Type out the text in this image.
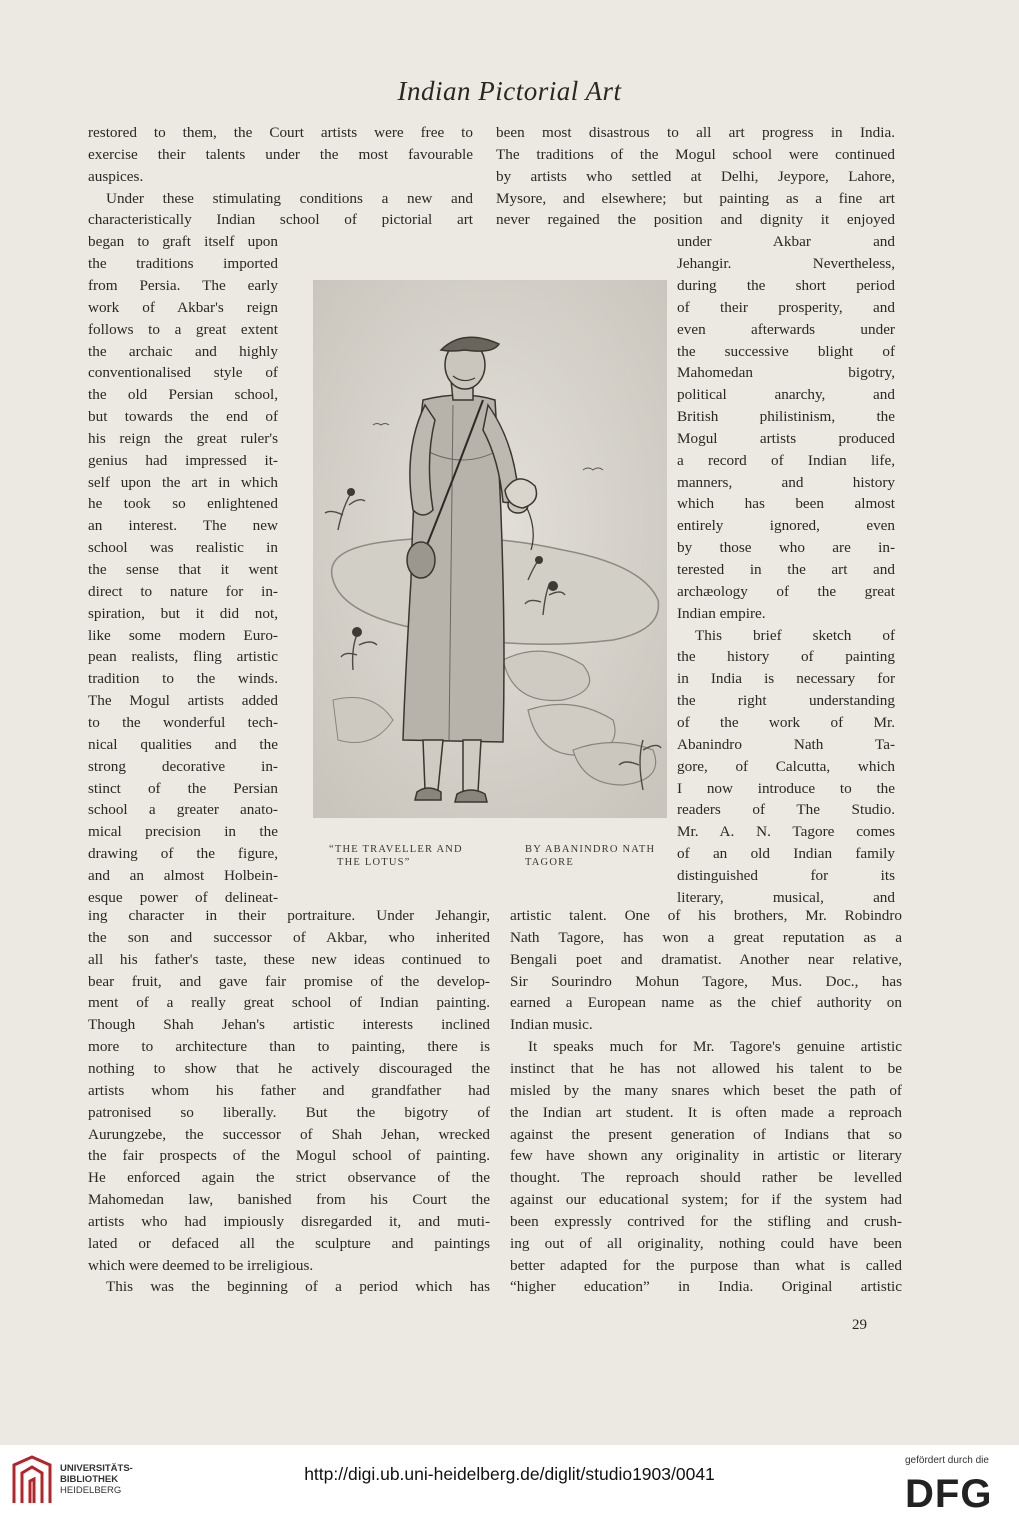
Indian Pictorial Art
restored to them, the Court artists were free to
exercise their talents under the most favourable
auspices.
Under these stimulating conditions a new and
characteristically Indian school of pictorial art
began to graft itself upon
the traditions imported
from Persia. The early
work of Akbar's reign
follows to a great extent
the archaic and highly
conventionalised style of
the old Persian school,
but towards the end of
his reign the great ruler's
genius had impressed it-
self upon the art in which
he took so enlightened
an interest. The new
school was realistic in
the sense that it went
direct to nature for in-
spiration, but it did not,
like some modern Euro-
pean realists, fling artistic
tradition to the winds.
The Mogul artists added
to the wonderful tech-
nical qualities and the
strong decorative in-
stinct of the Persian
school a greater anato-
mical precision in the
drawing of the figure,
and an almost Holbein-
esque power of delineat-
ing character in their portraiture. Under Jehangir,
the son and successor of Akbar, who inherited
all his father's taste, these new ideas continued to
bear fruit, and gave fair promise of the develop-
ment of a really great school of Indian painting.
Though Shah Jehan's artistic interests inclined
more to architecture than to painting, there is
nothing to show that he actively discouraged the
artists whom his father and grandfather had
patronised so liberally. But the bigotry of
Aurungzebe, the successor of Shah Jehan, wrecked
the fair prospects of the Mogul school of painting.
He enforced again the strict observance of the
Mahomedan law, banished from his Court the
artists who had impiously disregarded it, and muti-
lated or defaced all the sculpture and paintings
which were deemed to be irreligious.
This was the beginning of a period which has
been most disastrous to all art progress in India.
The traditions of the Mogul school were continued
by artists who settled at Delhi, Jeypore, Lahore,
Mysore, and elsewhere; but painting as a fine art
never regained the position and dignity it enjoyed
under Akbar and
Jehangir. Nevertheless,
during the short period
of their prosperity, and
even afterwards under
the successive blight of
Mahomedan bigotry,
political anarchy, and
British philistinism, the
Mogul artists produced
a record of Indian life,
manners, and history
which has been almost
entirely ignored, even
by those who are in-
terested in the art and
archæology of the great
Indian empire.
This brief sketch of
the history of painting
in India is necessary for
the right understanding
of the work of Mr.
Abanindro Nath Ta-
gore, of Calcutta, which
I now introduce to the
readers of The Studio.
Mr. A. N. Tagore comes
of an old Indian family
distinguished for its
literary, musical, and
artistic talent. One of his brothers, Mr. Robindro
Nath Tagore, has won a great reputation as a
Bengali poet and dramatist. Another near relative,
Sir Sourindro Mohun Tagore, Mus. Doc., has
earned a European name as the chief authority on
Indian music.
It speaks much for Mr. Tagore's genuine artistic
instinct that he has not allowed his talent to be
misled by the many snares which beset the path of
the Indian art student. It is often made a reproach
against the present generation of Indians that so
few have shown any originality in artistic or literary
thought. The reproach should rather be levelled
against our educational system; for if the system had
been expressly contrived for the stifling and crush-
ing out of all originality, nothing could have been
better adapted for the purpose than what is called
“higher education” in India. Original artistic
“THE TRAVELLER AND
THE LOTUS”
BY ABANINDRO NATH
TAGORE
29
UNIVERSITÄTS-
BIBLIOTHEK
HEIDELBERG
http://digi.ub.uni-heidelberg.de/diglit/studio1903/0041
gefördert durch die
DFG
